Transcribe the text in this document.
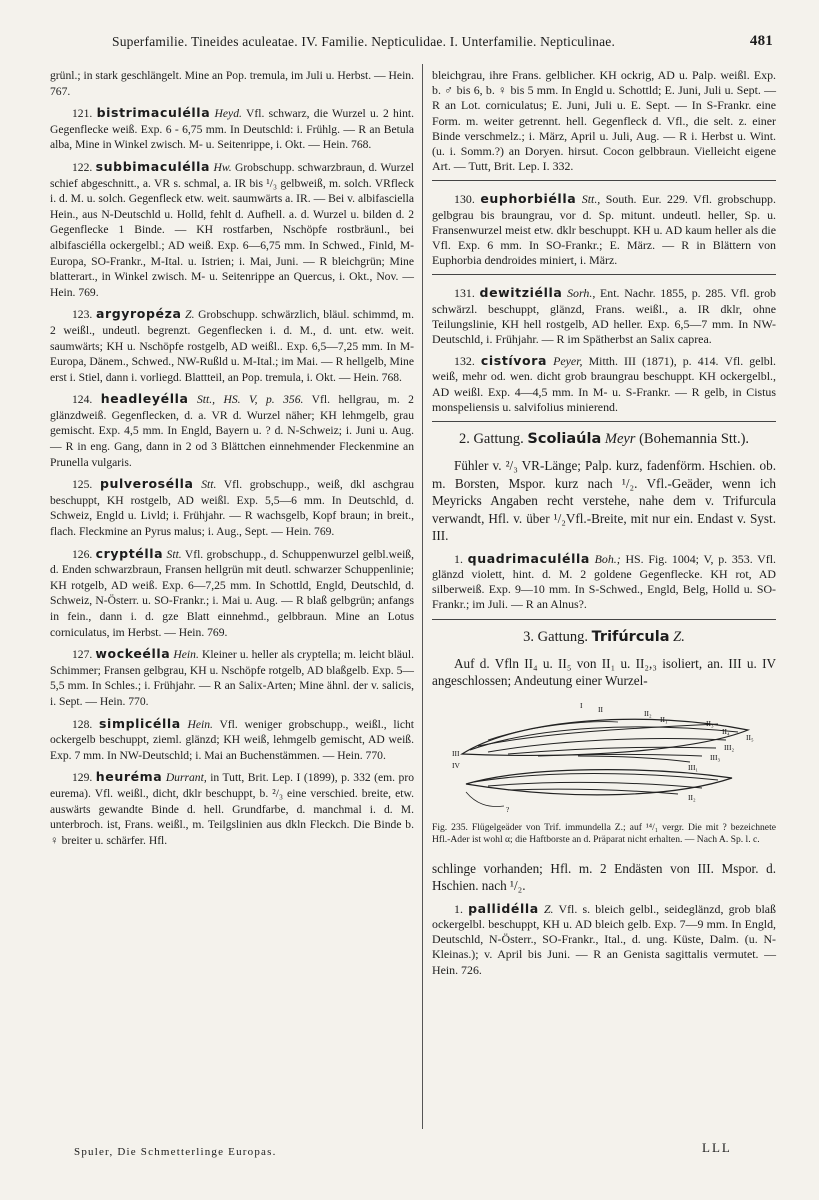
Superfamilie. Tineides aculeatae. IV. Familie. Nepticulidae. I. Unterfamilie. Nepticulinae.	481

grünl.; in stark geschlängelt. Mine an Pop. tremula, im Juli u. Herbst. — Hein. 767.

121. bistrimaculélla Heyd. Vfl. schwarz, die Wurzel u. 2 hint. Gegenflecke weiß. Exp. 6 - 6,75 mm. In Deutschld: i. Frühlg. — R an Betula alba, Mine in Winkel zwisch. M- u. Seitenrippe, i. Okt. — Hein. 768.

122. subbimaculélla Hw. Grobschupp. schwarzbraun, d. Wurzel schief abgeschnitt., a. VR s. schmal, a. IR bis ¹/₃ gelbweiß, m. solch. VRfleck i. d. M. u. solch. Gegenfleck etw. weit. saumwärts a. IR. — Bei v. albifasciella Hein., aus N-Deutschld u. Holld, fehlt d. Aufhell. a. d. Wurzel u. bilden d. 2 Gegenflecke 1 Binde. — KH rostfarben, Nschöpfe rostbräunl., bei albifasciélla ockergelbl.; AD weiß. Exp. 6—6,75 mm. In Schwed., Finld, M-Europa, SO-Frankr., M-Ital. u. Istrien; i. Mai, Juni. — R bleichgrün; Mine blatterart., in Winkel zwisch. M- u. Seitenrippe an Quercus, i. Okt., Nov. — Hein. 769.

123. argyropéza Z. Grobschupp. schwärzlich, bläul. schimmd, m. 2 weißl., undeutl. begrenzt. Gegenflecken i. d. M., d. unt. etw. weit. saumwärts; KH u. Nschöpfe rostgelb, AD weißl.. Exp. 6,5—7,25 mm. In M-Europa, Dänem., Schwed., NW-Rußld u. M-Ital.; im Mai. — R hellgelb, Mine erst i. Stiel, dann i. vorliegd. Blattteil, an Pop. tremula, i. Okt. — Hein. 768.

124. headleyélla Stt., HS. V, p. 356. Vfl. hellgrau, m. 2 glänzdweiß. Gegenflecken, d. a. VR d. Wurzel näher; KH lehmgelb, grau gemischt. Exp. 4,5 mm. In Engld, Bayern u. ? d. N-Schweiz; i. Juni u. Aug. — R in eng. Gang, dann in 2 od 3 Blättchen einnehmender Fleckenmine an Prunella vulgaris.

125. pulverosélla Stt. Vfl. grobschupp., weiß, dkl aschgrau beschuppt, KH rostgelb, AD weißl. Exp. 5,5—6 mm. In Deutschld, d. Schweiz, Engld u. Livld; i. Frühjahr. — R wachsgelb, Kopf braun; in breit., flach. Fleckmine an Pyrus malus; i. Aug., Sept. — Hein. 769.

126. cryptélla Stt. Vfl. grobschupp., d. Schuppenwurzel gelbl.weiß, d. Enden schwarzbraun, Fransen hellgrün mit deutl. schwarzer Schuppenlinie; KH rotgelb, AD weiß. Exp. 6—7,25 mm. In Schottld, Engld, Deutschld, d. Schweiz, N-Österr. u. SO-Frankr.; i. Mai u. Aug. — R blaß gelbgrün; anfangs in fein., dann i. d. gze Blatt einnehmd., gelbbraun. Mine an Lotus corniculatus, im Herbst. — Hein. 769.

127. wockeélla Hein. Kleiner u. heller als cryptella; m. leicht bläul. Schimmer; Fransen gelbgrau, KH u. Nschöpfe rotgelb, AD blaßgelb. Exp. 5—5,5 mm. In Schles.; i. Frühjahr. — R an Salix-Arten; Mine ähnl. der v. salicis, i. Sept. — Hein. 770.

128. simplicélla Hein. Vfl. weniger grobschupp., weißl., licht ockergelb beschuppt, zieml. glänzd; KH weiß, lehmgelb gemischt, AD weiß. Exp. 7 mm. In NW-Deutschld; i. Mai an Buchenstämmen. — Hein. 770.

129. heuréma Durrant, in Tutt, Brit. Lep. I (1899), p. 332 (em. pro eurema). Vfl. weißl., dicht, dklr beschuppt, b. ²/₃ eine verschied. breite, etw. auswärts gewandte Binde d. hell. Grundfarbe, d. manchmal i. d. M. unterbroch. ist, Frans. weißl., m. Teilgslinien aus dkln Fleckch. Die Binde b. ♀ breiter u. schärfer. Hfl.

bleichgrau, ihre Frans. gelblicher. KH ockrig, AD u. Palp. weißl. Exp. b. ♂ bis 6, b. ♀ bis 5 mm. In Engld u. Schottld; E. Juni, Juli u. Sept. — R an Lot. corniculatus; E. Juni, Juli u. E. Sept. — In S-Frankr. eine Form. m. weiter getrennt. hell. Gegenfleck d. Vfl., die selt. z. einer Binde verschmelz.; i. März, April u. Juli, Aug. — R i. Herbst u. Wint. (u. i. Somm.?) an Doryen. hirsut. Cocon gelbbraun. Vielleicht eigene Art. — Tutt, Brit. Lep. I. 332.

130. euphorbiélla Stt., South. Eur. 229. Vfl. grobschupp. gelbgrau bis braungrau, vor d. Sp. mitunt. undeutl. heller, Sp. u. Fransenwurzel meist etw. dklr beschuppt. KH u. AD kaum heller als die Vfl. Exp. 6 mm. In SO-Frankr.; E. März. — R in Blättern von Euphorbia dendroides miniert, i. März.

131. dewitziélla Sorh., Ent. Nachr. 1855, p. 285. Vfl. grob schwärzl. beschuppt, glänzd, Frans. weißl., a. IR dklr, ohne Teilungslinie, KH hell rostgelb, AD heller. Exp. 6,5—7 mm. In NW-Deutschld, i. Frühjahr. — R im Spätherbst an Salix caprea.

132. cistívora Peyer, Mitth. III (1871), p. 414. Vfl. gelbl. weiß, mehr od. wen. dicht grob braungrau beschuppt. KH ockergelbl., AD weißl. Exp. 4—4,5 mm. In M- u. S-Frankr. — R gelb, in Cistus monspeliensis u. salvifolius minierend.

2. Gattung. Scoliaúla Meyr (Bohemannia Stt.).

Fühler v. ²/₃ VR-Länge; Palp. kurz, fadenförm. Hschien. ob. m. Borsten, Mspor. kurz nach ¹/₂. Vfl.-Geäder, wenn ich Meyricks Angaben recht verstehe, nahe dem v. Trifurcula verwandt, Hfl. v. über ¹/₂Vfl.-Breite, mit nur ein. Endast v. Syst. III.

1. quadrimaculélla Boh.; HS. Fig. 1004; V, p. 353. Vfl. glänzd violett, hint. d. M. 2 goldene Gegenflecke. KH rot, AD silberweiß. Exp. 9—10 mm. In S-Schwed., Engld, Belg, Holld u. SO-Frankr.; im Juli. — R an Alnus?.

3. Gattung. Trifúrcula Z.

Auf d. Vfln II₄ u. II₅ von II₁ u. II₂,₃ isoliert, an. III u. IV angeschlossen; Andeutung einer Wurzel-

I II	II₂
II₁	II₃
II₄
II₅
III₂
III₃
III₁
III
IV
II₂
?

Fig. 235. Flügelgeäder von Trif. immundella Z.; auf ¹⁴/₁ vergr. Die mit ? bezeichnete Hfl.-Ader ist wohl α; die Haftborste an d. Präparat nicht erhalten. — Nach A. Sp. l. c.

schlinge vorhanden; Hfl. m. 2 Endästen von III. Mspor. d. Hschien. nach ¹/₂.

1. pallidélla Z. Vfl. s. bleich gelbl., seideglänzd, grob blaß ockergelbl. beschuppt, KH u. AD bleich gelb. Exp. 7—9 mm. In Engld, Deutschld, N-Österr., SO-Frankr., Ital., d. ung. Küste, Dalm. (u. N-Kleinas.); v. April bis Juni. — R an Genista sagittalis vermutet. — Hein. 726.

Spuler, Die Schmetterlinge Europas.	LLL
